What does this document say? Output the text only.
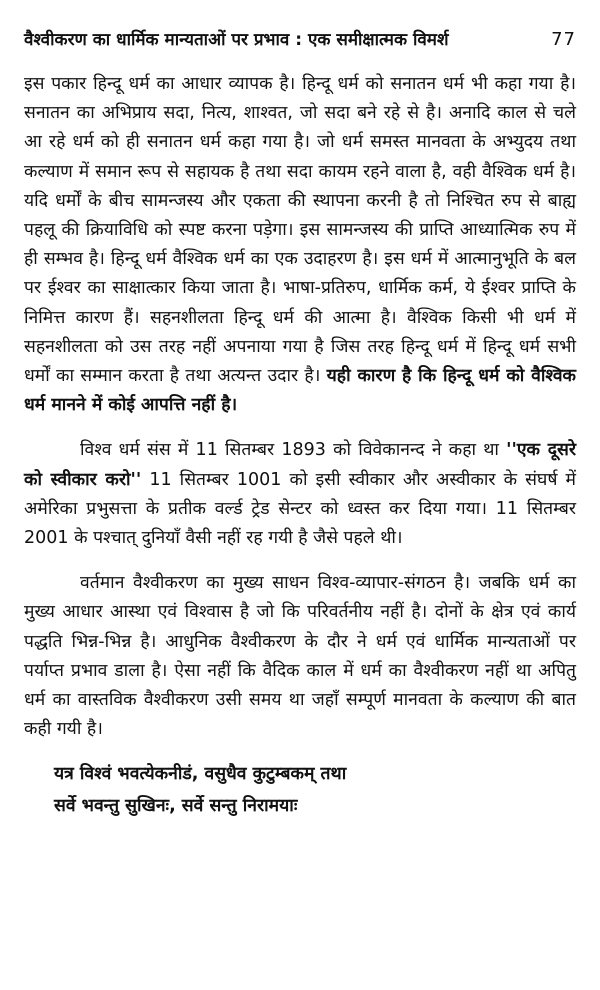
वैश्वीकरण का धार्मिक मान्यताओं पर प्रभाव : एक समीक्षात्मक विमर्श	77

इस पकार हिन्दू धर्म का आधार व्यापक है। हिन्दू धर्म को सनातन धर्म भी कहा गया है। सनातन का अभिप्राय सदा, नित्य, शाश्वत, जो सदा बने रहे से है। अनादि काल से चले आ रहे धर्म को ही सनातन धर्म कहा गया है। जो धर्म समस्त मानवता के अभ्युदय तथा कल्याण में समान रूप से सहायक है तथा सदा कायम रहने वाला है, वही वैश्विक धर्म है। यदि धर्मों के बीच सामन्जस्य और एकता की स्थापना करनी है तो निश्चित रुप से बाह्य पहलू की क्रियाविधि को स्पष्ट करना पड़ेगा। इस सामन्जस्य की प्राप्ति आध्यात्मिक रुप में ही सम्भव है। हिन्दू धर्म वैश्विक धर्म का एक उदाहरण है। इस धर्म में आत्मानुभूति के बल पर ईश्वर का साक्षात्कार किया जाता है। भाषा-प्रतिरुप, धार्मिक कर्म, ये ईश्वर प्राप्ति के निमित्त कारण हैं। सहनशीलता हिन्दू धर्म की आत्मा है। वैश्विक किसी भी धर्म में सहनशीलता को उस तरह नहीं अपनाया गया है जिस तरह हिन्दू धर्म में हिन्दू धर्म सभी धर्मों का सम्मान करता है तथा अत्यन्त उदार है। यही कारण है कि हिन्दू धर्म को वैश्विक धर्म मानने में कोई आपत्ति नहीं है।

विश्व धर्म संस में 11 सितम्बर 1893 को विवेकानन्द ने कहा था ''एक दूसरे को स्वीकार करो'' 11 सितम्बर 1001 को इसी स्वीकार और अस्वीकार के संघर्ष में अमेरिका प्रभुसत्ता के प्रतीक वर्ल्ड ट्रेड सेन्टर को ध्वस्त कर दिया गया। 11 सितम्बर 2001 के पश्चात् दुनियाँ वैसी नहीं रह गयी है जैसे पहले थी।

वर्तमान वैश्वीकरण का मुख्य साधन विश्व-व्यापार-संगठन है। जबकि धर्म का मुख्य आधार आस्था एवं विश्वास है जो कि परिवर्तनीय नहीं है। दोनों के क्षेत्र एवं कार्य पद्धति भिन्न-भिन्न है। आधुनिक वैश्वीकरण के दौर ने धर्म एवं धार्मिक मान्यताओं पर पर्याप्त प्रभाव डाला है। ऐसा नहीं कि वैदिक काल में धर्म का वैश्वीकरण नहीं था अपितु धर्म का वास्तविक वैश्वीकरण उसी समय था जहाँ सम्पूर्ण मानवता के कल्याण की बात कही गयी है।

यत्र विश्वं भवत्येकनीडं, वसुधैव कुटुम्बकम् तथा
सर्वे भवन्तु सुखिनः, सर्वे सन्तु निरामयाः
